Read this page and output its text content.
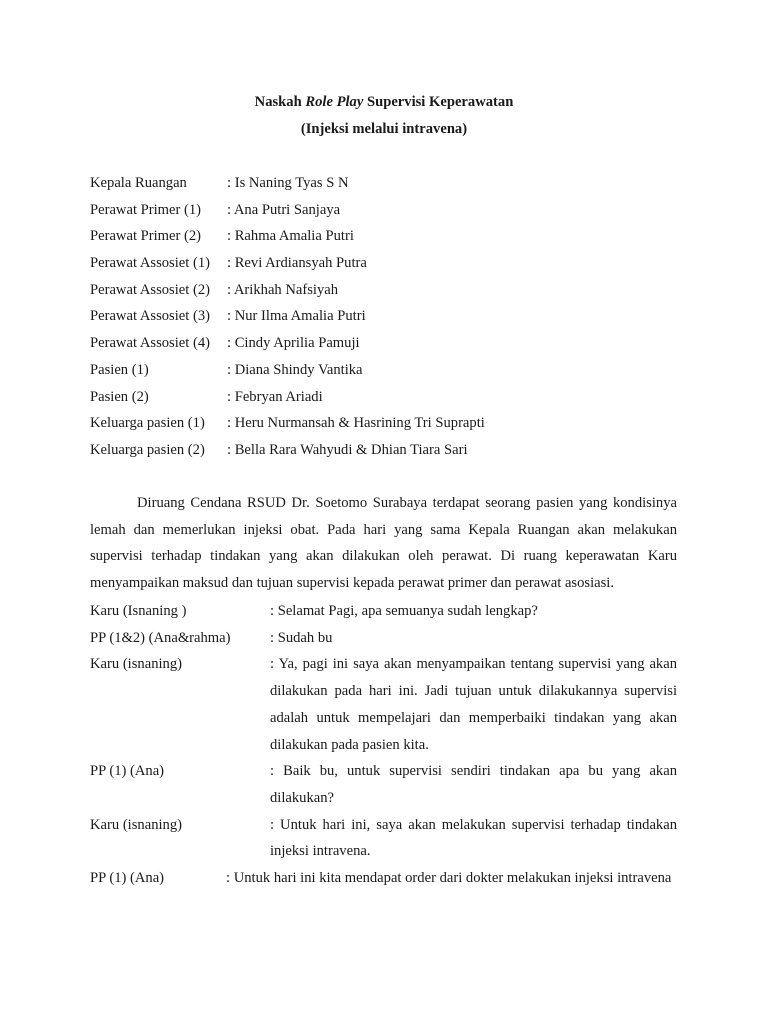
Naskah Role Play Supervisi Keperawatan
(Injeksi melalui intravena)
Kepala Ruangan	: Is Naning Tyas S N
Perawat Primer (1) : Ana Putri Sanjaya
Perawat Primer (2) : Rahma Amalia Putri
Perawat Assosiet (1) : Revi Ardiansyah Putra
Perawat Assosiet (2) : Arikhah Nafsiyah
Perawat Assosiet (3) : Nur Ilma Amalia Putri
Perawat Assosiet (4) : Cindy Aprilia Pamuji
Pasien (1)	: Diana Shindy Vantika
Pasien (2)	: Febryan Ariadi
Keluarga pasien (1) : Heru Nurmansah & Hasrining Tri Suprapti
Keluarga pasien (2) : Bella Rara Wahyudi & Dhian Tiara Sari

Diruang Cendana RSUD Dr. Soetomo Surabaya terdapat seorang pasien yang kondisinya lemah dan memerlukan injeksi obat. Pada hari yang sama Kepala Ruangan akan melakukan supervisi terhadap tindakan yang akan dilakukan oleh perawat. Di ruang keperawatan Karu menyampaikan maksud dan tujuan supervisi kepada perawat primer dan perawat asosiasi.

Karu (Isnaning )	: Selamat Pagi, apa semuanya sudah lengkap?
PP (1&2) (Ana&rahma)	: Sudah bu
Karu (isnaning)	: Ya, pagi ini saya akan menyampaikan tentang supervisi yang akan dilakukan pada hari ini. Jadi tujuan untuk dilakukannya supervisi adalah untuk mempelajari dan memperbaiki tindakan yang akan dilakukan pada pasien kita.
PP (1) (Ana)	: Baik bu, untuk supervisi sendiri tindakan apa bu yang akan dilakukan?
Karu (isnaning)	: Untuk hari ini, saya akan melakukan supervisi terhadap tindakan injeksi intravena.
PP (1) (Ana)	: Untuk hari ini kita mendapat order dari dokter melakukan injeksi intravena
